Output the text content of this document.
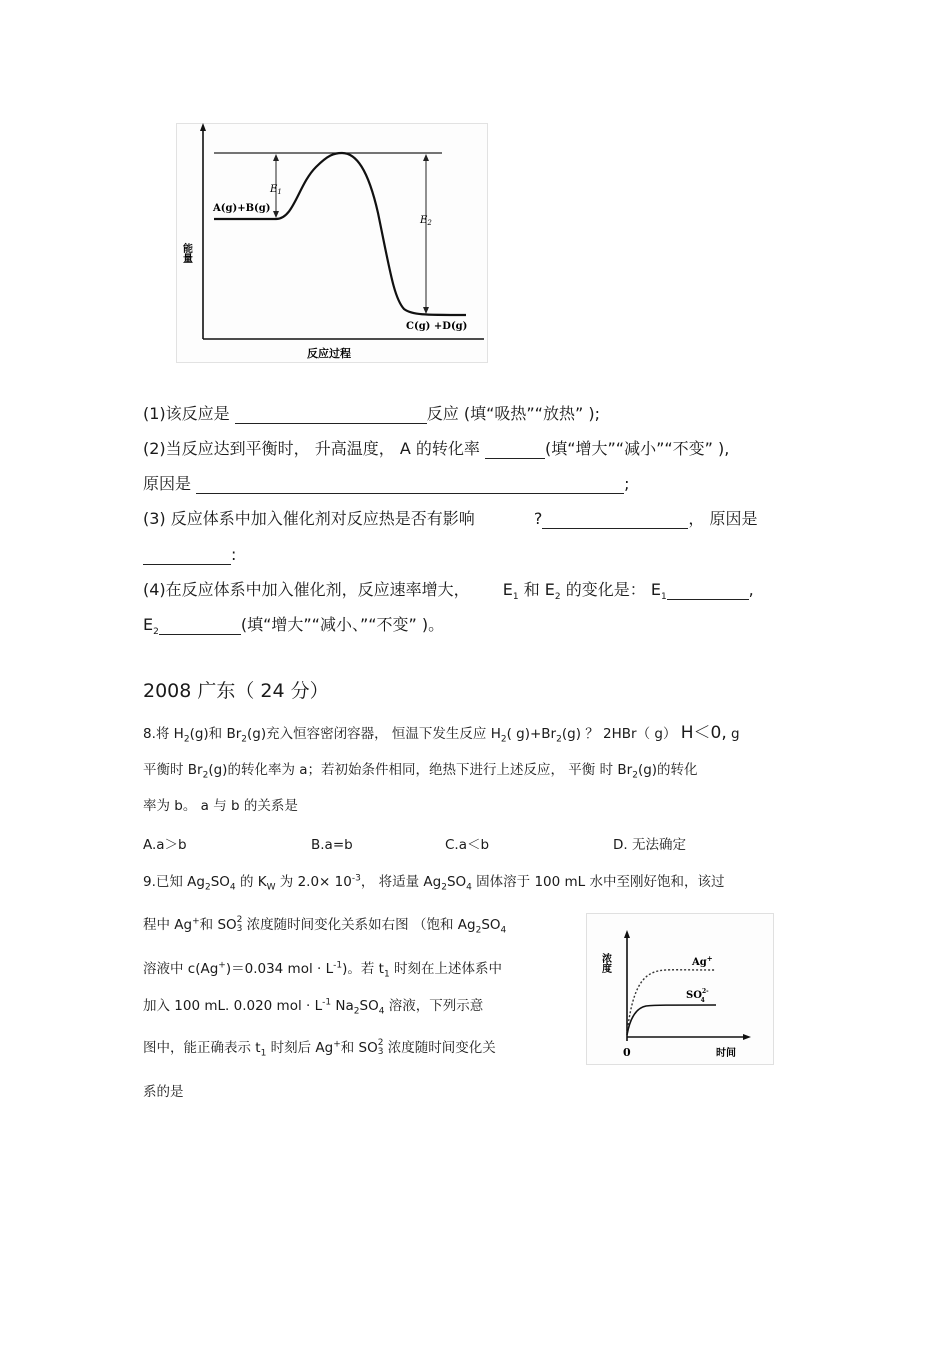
$E_1$
$E_2$
A(g)+B(g)
C(g) +D(g)
能量
反应过程
(1)该反应是	反应 (填“吸热”“放热” );
(2)当反应达到平衡时， 升高温度， A 的转化率	(填“增大”“减小”“不变” ),
原因是	;
(3) 反应体系中加入催化剂对反应热是否有影响	?	， 原因是
:
(4)在反应体系中加入催化剂，反应速率增大， $E_1$ 和 $E_2$ 的变化是： $E_1$	,
$E_2$	(填“增大”“减小、”“不变” )。
2008 广东（ 24 分）
8.将 $H_2(g)$和 $Br_2(g)$充入恒容密闭容器， 恒温下发生反应 $H_2$( $g)+Br_2(g)$ ？ 2HBr（ g） H＜0, g
平衡时 $Br_2(g)$的转化率为 a；若初始条件相同，绝热下进行上述反应， 平衡 时 $Br_2(g)$的转化
率为 b。 a 与 b 的关系是
A.a＞b	B.a=b	C.a＜b	D. 无法确定
9.已知 $Ag_2SO_4$ 的 $K_W$ 为 $2.0\times 10^{-3}$， 将适量 $Ag_2SO_4$ 固体溶于 100 mL 水中至刚好饱和，该过
程中 Ag+和 SO 2
3 浓度随时间变化关系如右图 （饱和 $Ag_2SO_4$
溶液中 c(Ag+)＝0.034 mol · $L^{-1}$)。若 $t_1$ 时刻在上述体系中
加入 100 mL. 0.020 mol · $L^{-1}$ $Na_2SO_4$ 溶液，下列示意
图中，能正确表示 $t_1$ 时刻后 Ag+和 SO 2
3 浓度随时间变化关
系的是
Ag+
$SO^{2-}4$
浓度
0	时间
